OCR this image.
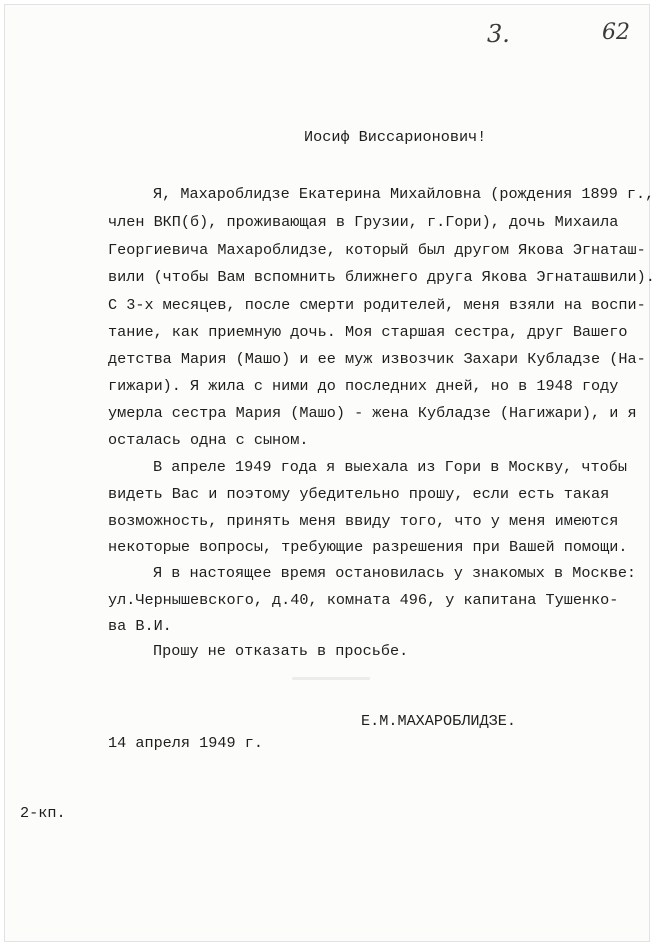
3.	62
Иосиф Виссарионович!
Я, Махароблидзе Екатерина Михайловна (рождения 1899 г.,
член ВКП(б), проживающая в Грузии, г.Гори), дочь Михаила
Георгиевича Махароблидзе, который был другом Якова Эгнаташ-
вили (чтобы Вам вспомнить ближнего друга Якова Эгнаташвили).
С 3-х месяцев, после смерти родителей, меня взяли на воспи-
тание, как приемную дочь. Моя старшая сестра, друг Вашего
детства Мария (Машо) и ее муж извозчик Захари Кубладзе (На-
гижари). Я жила с ними до последних дней, но в 1948 году
умерла сестра Мария (Машо) - жена Кубладзе (Нагижари), и я
осталась одна с сыном.
В апреле 1949 года я выехала из Гори в Москву, чтобы
видеть Вас и поэтому убедительно прошу, если есть такая
возможность, принять меня ввиду того, что у меня имеются
некоторые вопросы, требующие разрешения при Вашей помощи.
Я в настоящее время остановилась у знакомых в Москве:
ул.Чернышевского, д.40, комната 496, у капитана Тушенко-
ва В.И.
Прошу не отказать в просьбе.
Е.М.МАХАРОБЛИДЗЕ.
14 апреля 1949 г.
2-кп.
